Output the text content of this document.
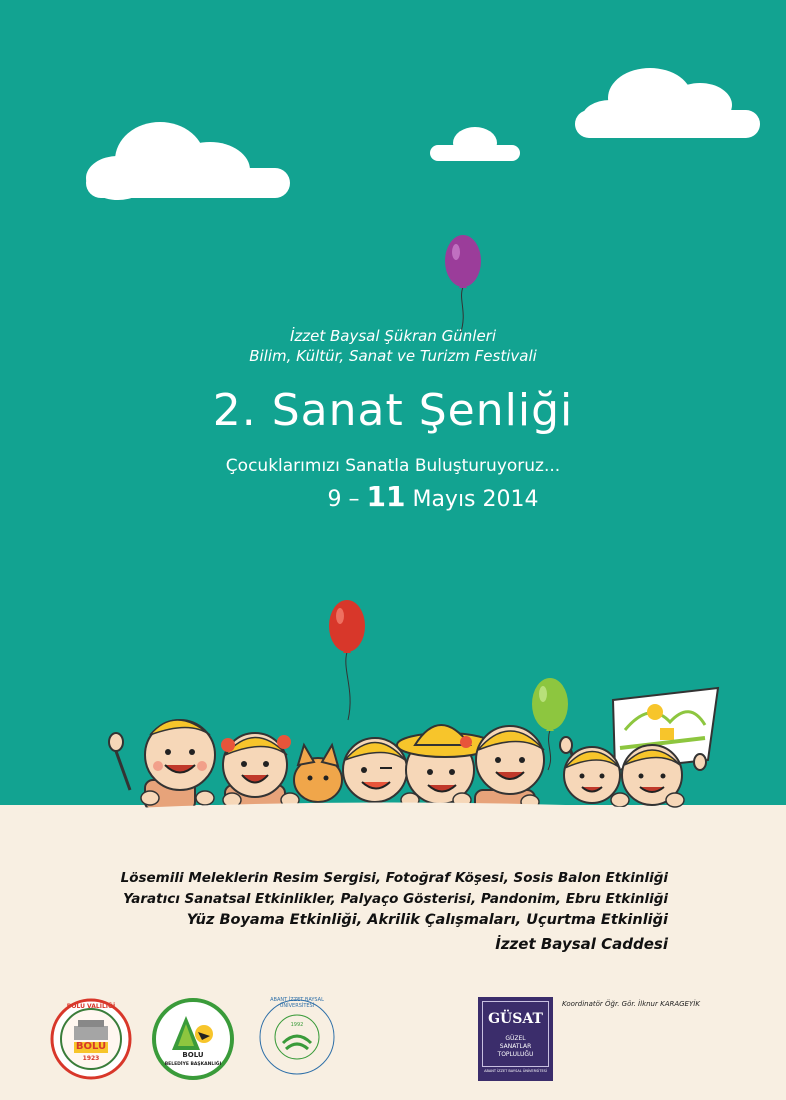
İzzet Baysal Şükran Günleri
Bilim, Kültür, Sanat ve Turizm Festivali
2. Sanat Şenliği
Çocuklarımızı Sanatla Buluşturuyoruz...
9 – 11 Mayıs 2014
Lösemili Meleklerin Resim Sergisi, Fotoğraf Köşesi, Sosis Balon Etkinliği
Yaratıcı Sanatsal Etkinlikler, Palyaço Gösterisi, Pandonim, Ebru Etkinliği
Yüz Boyama Etkinliği, Akrilik Çalışmaları, Uçurtma Etkinliği
İzzet Baysal Caddesi
Koordinatör Öğr. Gör. İlknur KARAGEYİK
BOLU VALİLİĞİ
BOLU
1923	BOLU
BELEDİYE BAŞKANLIĞI
ABANT İZZET BAYSAL ÜNİVERSİTESİ
1992	GÜSAT
GÜZEL
SANATLAR
TOPLULUĞU
ABANT İZZET BAYSAL ÜNİVERSİTESİ
